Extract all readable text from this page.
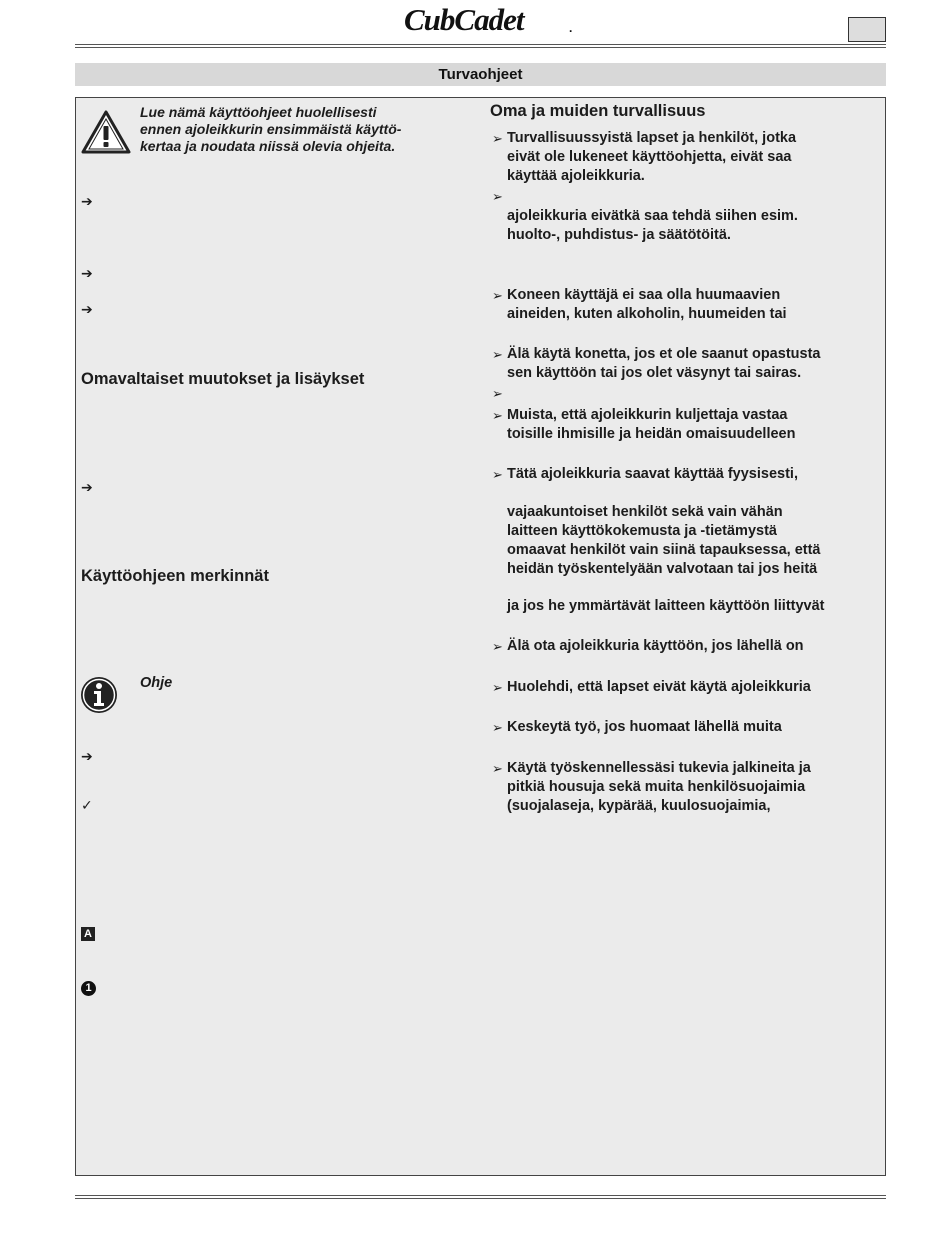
CubCadet	.
Turvaohjeet
Lue nämä käyttöohjeet huolellisesti
ennen ajoleikkurin ensimmäistä käyttö-
kertaa ja noudata niissä olevia ohjeita.
➔
➔
➔
Omavaltaiset muutokset ja lisäykset
➔
Käyttöohjeen merkinnät
Ohje
➔
✓
A
1
Oma ja muiden turvallisuus
➢ Turvallisuussyistä lapset ja henkilöt, jotka
eivät ole lukeneet käyttöohjetta, eivät saa
käyttää ajoleikkuria.
➢
ajoleikkuria eivätkä saa tehdä siihen esim.
huolto-, puhdistus- ja säätötöitä.
➢ Koneen käyttäjä ei saa olla huumaavien
aineiden, kuten alkoholin, huumeiden tai
➢ Älä käytä konetta, jos et ole saanut opastusta
sen käyttöön tai jos olet väsynyt tai sairas.
➢
➢ Muista, että ajoleikkurin kuljettaja vastaa
toisille ihmisille ja heidän omaisuudelleen
➢ Tätä ajoleikkuria saavat käyttää fyysisesti,
vajaakuntoiset henkilöt sekä vain vähän
laitteen käyttökokemusta ja -tietämystä
omaavat henkilöt vain siinä tapauksessa, että
heidän työskentelyään valvotaan tai jos heitä
ja jos he ymmärtävät laitteen käyttöön liittyvät
➢ Älä ota ajoleikkuria käyttöön, jos lähellä on
➢ Huolehdi, että lapset eivät käytä ajoleikkuria
➢ Keskeytä työ, jos huomaat lähellä muita
➢ Käytä työskennellessäsi tukevia jalkineita ja
pitkiä housuja sekä muita henkilösuojaimia
(suojalaseja, kypärää, kuulosuojaimia,
